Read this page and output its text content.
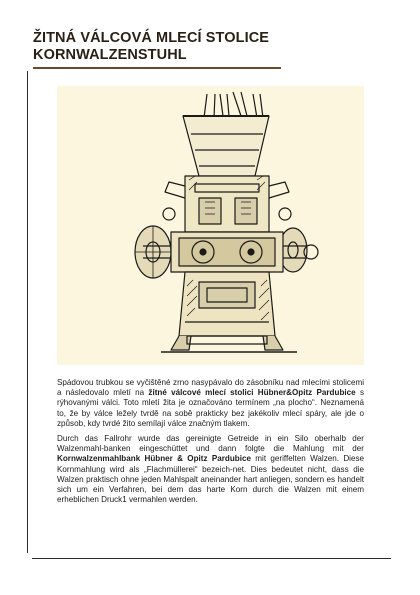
ŽITNÁ VÁLCOVÁ MLECÍ STOLICE
KORNWALZENSTUHL

Spádovou trubkou se vyčištěné zrno nasypávalo do zásobníku nad mlecími stolicemi a následovalo mletí na žitné válcové mlecí stolici Hübner&Opitz Pardubice s rýhovanými válci. Toto mletí žita je označováno termínem „na plocho“. Neznamená to, že by válce ležely tvrdě na sobě prakticky bez jakékoliv mlecí spáry, ale jde o způsob, kdy tvrdé žito semílají válce značným tlakem.

Durch das Fallrohr wurde das gereinigte Getreide in ein Silo oberhalb der Walzenmahl-banken eingeschüttet und dann folgte die Mahlung mit der Kornwalzenmahlbank Hübner & Opitz Pardubice mit geriffelten Walzen. Diese Kornmahlung wird als „Flachmüllerei“ bezeich-net. Dies bedeutet nicht, dass die Walzen praktisch ohne jeden Mahlspalt aneinander hart anliegen, sondern es handelt sich um ein Verfahren, bei dem das harte Korn durch die Walzen mit einem erheblichen Druck1 vermahlen werden.
